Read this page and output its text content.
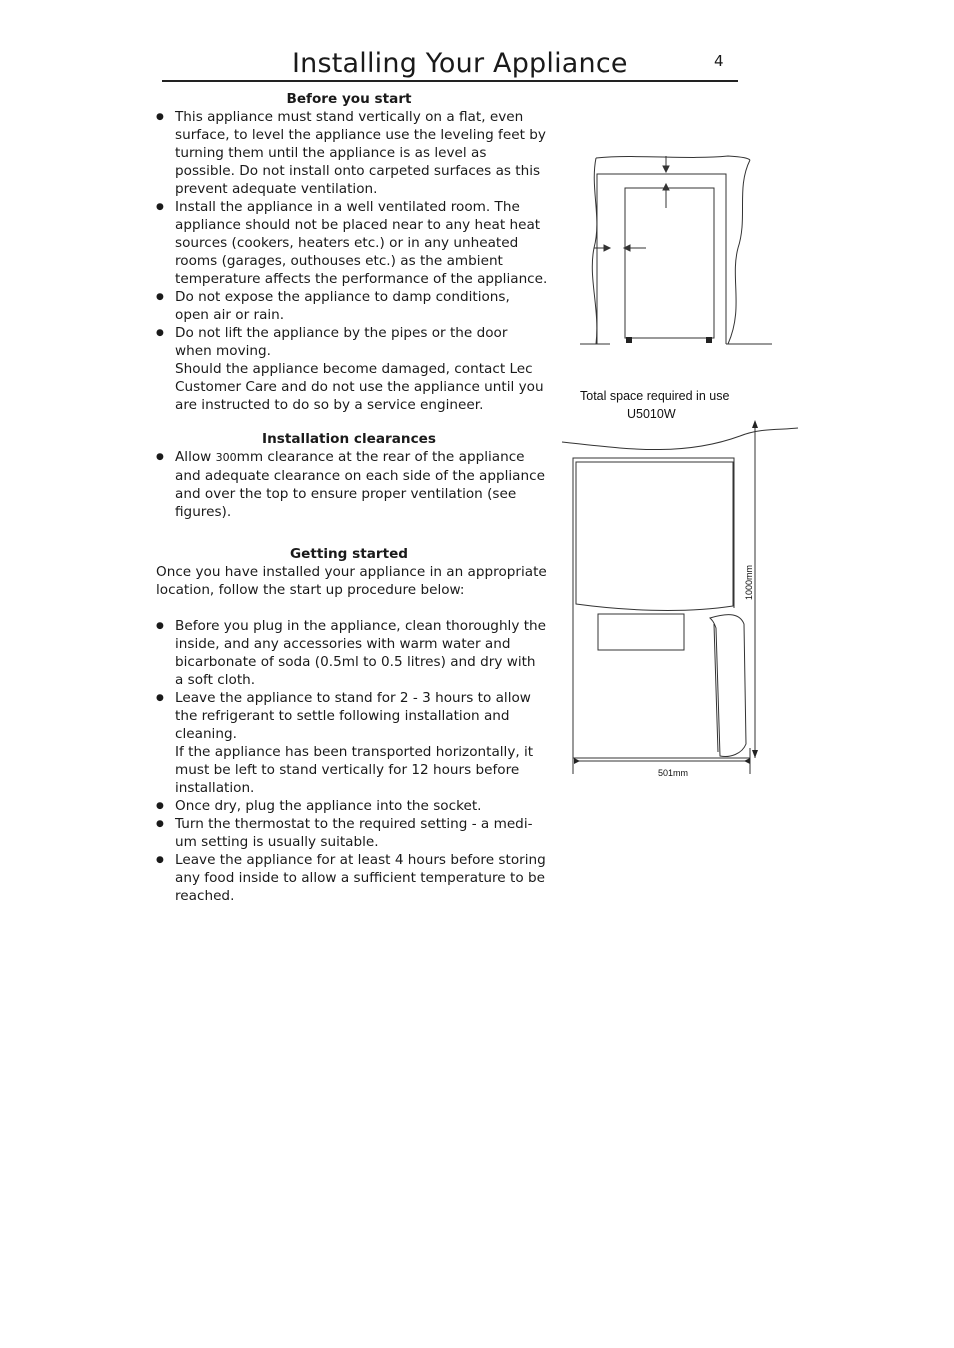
Installing Your Appliance	4
Before you start
● This appliance must stand vertically on a flat, even surface, to level the appliance use the leveling feet by turning them until the appliance is as level as possible. Do not install onto carpeted surfaces as this prevent adequate ventilation.
● Install the appliance in a well ventilated room. The appliance should not be placed near to any heat heat sources (cookers, heaters etc.) or in any unheated rooms (garages, outhouses etc.) as the ambient temperature affects the performance of the appliance.
● Do not expose the appliance to damp conditions, open air or rain.
● Do not lift the appliance by the pipes or the door when moving.
Should the appliance become damaged, contact Lec Customer Care and do not use the appliance until you are instructed to do so by a service engineer.
Installation clearances
● Allow 300mm clearance at the rear of the appliance and adequate clearance on each side of the appliance and over the top to ensure proper ventilation (see figures).
Getting started

Once you have installed your appliance in an appropriate location, follow the start up procedure below:

● Before you plug in the appliance, clean thoroughly the inside, and any accessories with warm water and bicarbonate of soda (0.5ml to 0.5 litres) and dry with a soft cloth.
● Leave the appliance to stand for 2 - 3 hours to allow the refrigerant to settle following installation and cleaning.
If the appliance has been transported horizontally, it must be left to stand vertically for 12 hours before installation.
● Once dry, plug the appliance into the socket.
● Turn the thermostat to the required setting - a medi-um setting is usually suitable.
● Leave the appliance for at least 4 hours before storing any food inside to allow a sufficient temperature to be reached.
Total space required in use
U5010W
1000mm
501mm
